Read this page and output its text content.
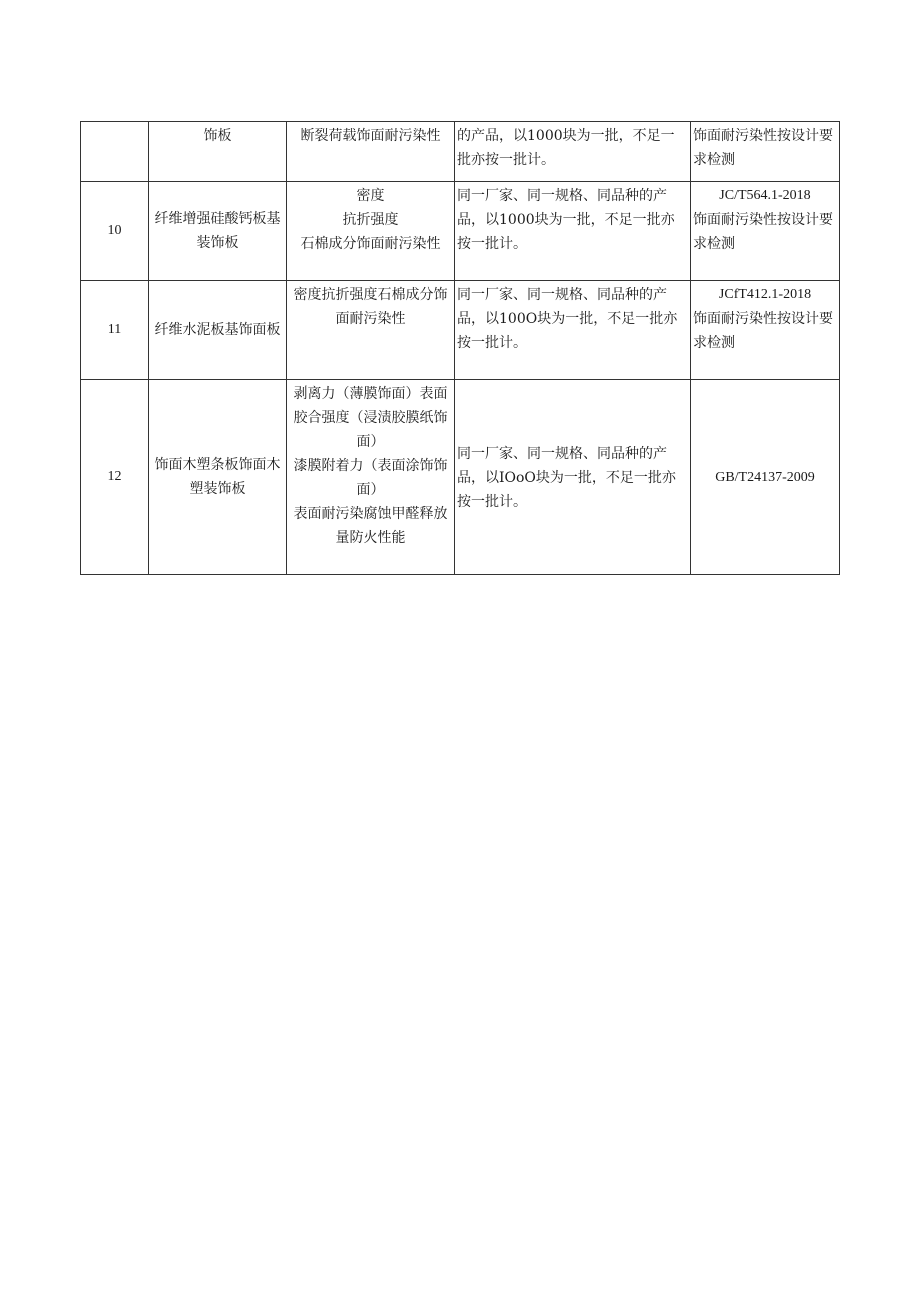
	饰板	断裂荷载饰面耐污染性	的产品，以1000块为一批，不足一批亦按一批计。	饰面耐污染性按设计要求检测

10	纤维增强硅酸钙板基装饰板	密度
抗折强度
石棉成分饰面耐污染性	同一厂家、同一规格、同品种的产品，以1000块为一批，不足一批亦按一批计。	JC/T564.1-2018
饰面耐污染性按设计要求检测

11	纤维水泥板基饰面板	密度抗折强度石棉成分饰面耐污染性	同一厂家、同一规格、同品种的产品，以100O块为一批，不足一批亦按一批计。	JCfT412.1-2018
饰面耐污染性按设计要求检测

12	饰面木塑条板饰面木塑装饰板	剥离力（薄膜饰面）表面胶合强度（浸渍胶膜纸饰面）
漆膜附着力（表面涂饰饰面）
表面耐污染腐蚀甲醛释放量防火性能	同一厂家、同一规格、同品种的产品，以IOoO块为一批，不足一批亦按一批计。	GB/T24137-2009
